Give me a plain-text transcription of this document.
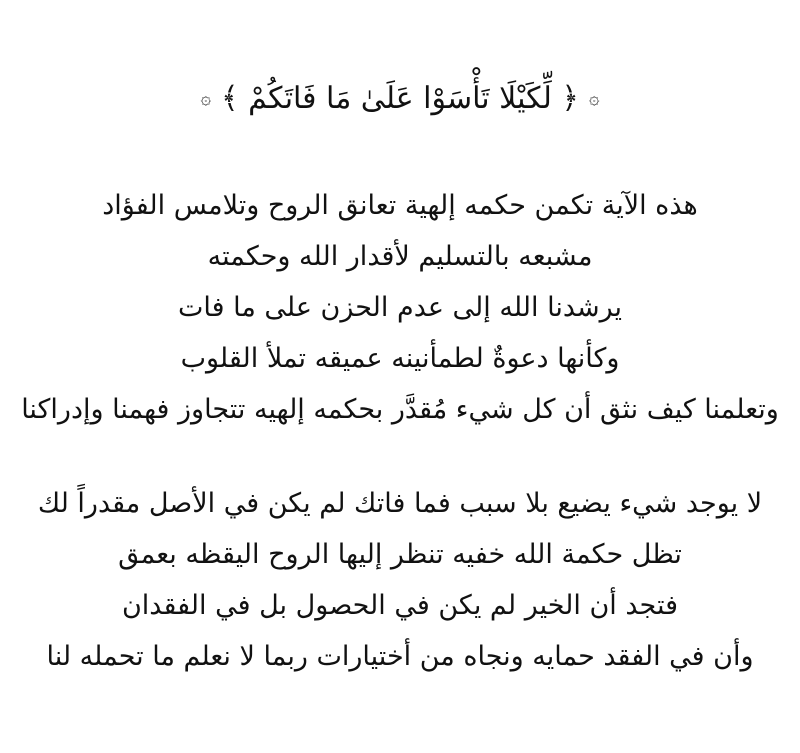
۞
﴿ لِّكَيْلَا تَأْسَوْا عَلَىٰ مَا فَاتَكُمْ ﴾
۞
هذه الآية تكمن حكمه إلهية تعانق الروح وتلامس الفؤاد
مشبعه بالتسليم لأقدار الله وحكمته
يرشدنا الله إلى عدم الحزن على ما فات
وكأنها دعوةٌ لطمأنينه عميقه تملأ القلوب
وتعلمنا كيف نثق أن كل شيء مُقدَّر بحكمه إلهيه تتجاوز فهمنا وإدراكنا
لا يوجد شيء يضيع بلا سبب فما فاتك لم يكن في الأصل مقدراً لك
تظل حكمة الله خفيه تنظر إليها الروح اليقظه بعمق
فتجد أن الخير لم يكن في الحصول بل في الفقدان
وأن في الفقد حمايه ونجاه من أختيارات ربما لا نعلم ما تحمله لنا
